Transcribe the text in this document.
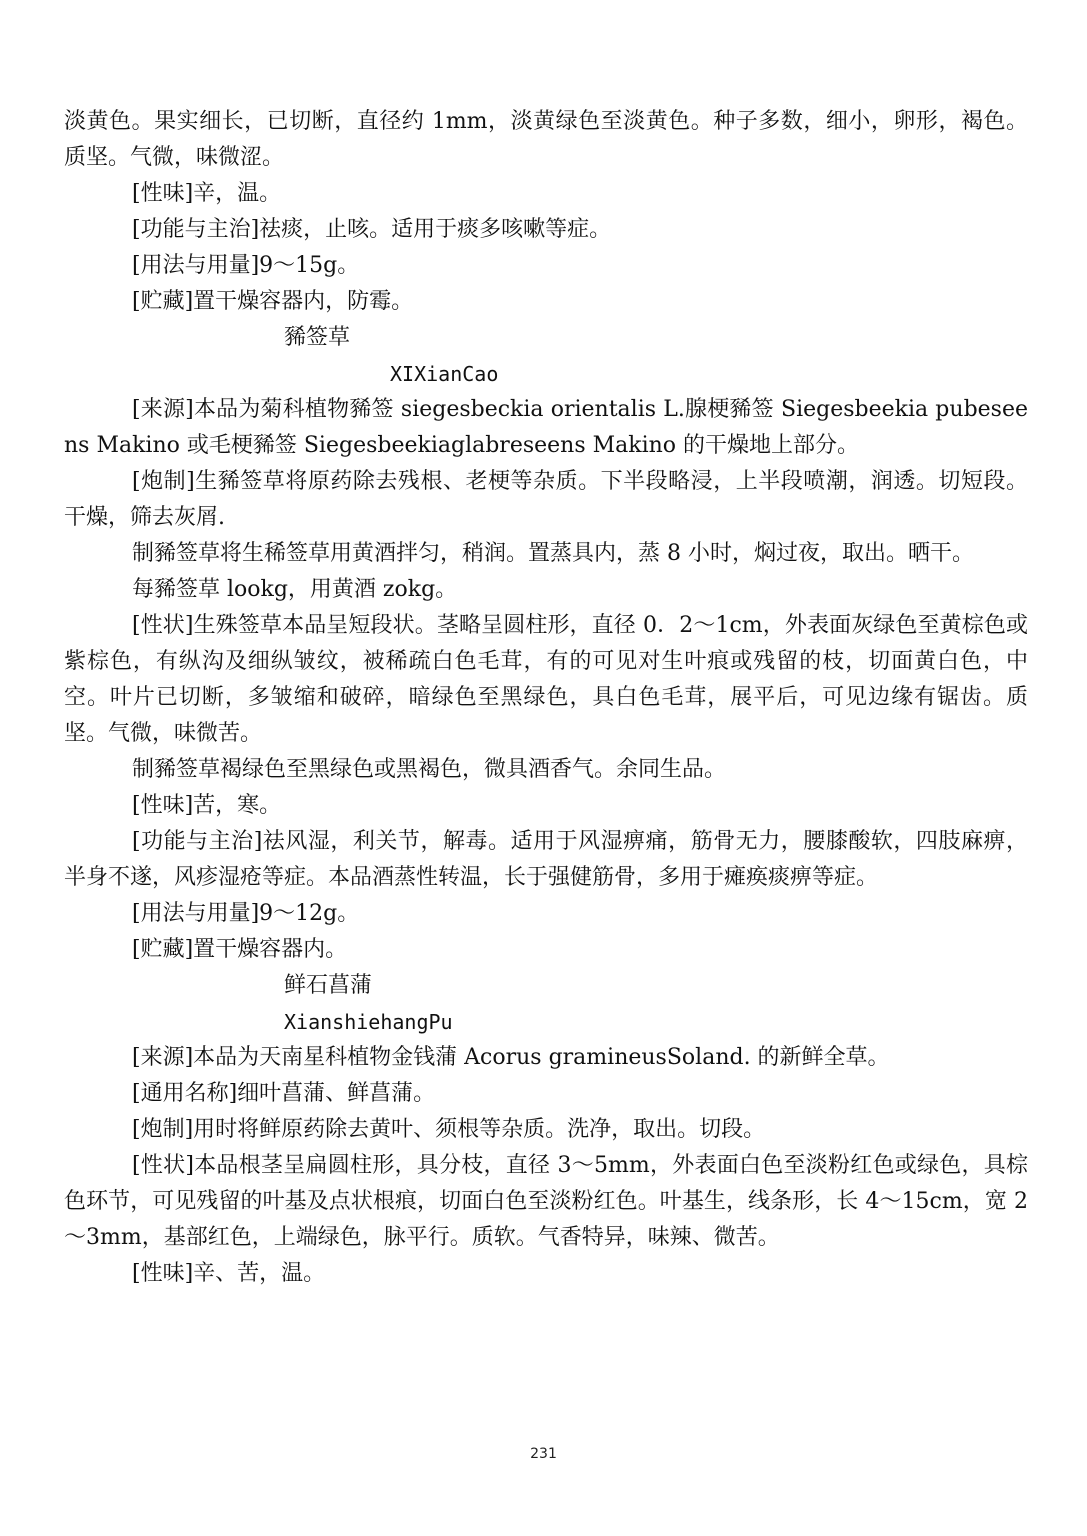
淡黄色。果实细长，已切断，直径约 1mm，淡黄绿色至淡黄色。种子多数，细小，卵形，褐色。质坚。气微，味微涩。

[性味]辛，温。

[功能与主治]祛痰，止咳。适用于痰多咳嗽等症。

[用法与用量]9～15g。

[贮藏]置干燥容器内，防霉。

豨签草

XIXianCao

[来源]本品为菊科植物豨签 siegesbeckia orientalis L.腺梗豨签 Siegesbeekia pubeseens Makino 或毛梗豨签 Siegesbeekiaglabreseens Makino 的干燥地上部分。

[炮制]生豨签草将原药除去残根、老梗等杂质。下半段略浸，上半段喷潮，润透。切短段。干燥，筛去灰屑.

制豨签草将生稀签草用黄酒拌匀，稍润。置蒸具内，蒸 8 小时，焖过夜，取出。晒干。

每豨签草 lookg，用黄酒 zokg。

[性状]生殊签草本品呈短段状。茎略呈圆柱形，直径 0．2～1cm，外表面灰绿色至黄棕色或紫棕色，有纵沟及细纵皱纹，被稀疏白色毛茸，有的可见对生叶痕或残留的枝，切面黄白色，中空。叶片已切断，多皱缩和破碎，暗绿色至黑绿色，具白色毛茸，展平后，可见边缘有锯齿。质坚。气微，味微苦。

制豨签草褐绿色至黑绿色或黑褐色，微具酒香气。余同生品。

[性味]苦，寒。

[功能与主治]祛风湿，利关节，解毒。适用于风湿痹痛，筋骨无力，腰膝酸软，四肢麻痹，半身不遂，风疹湿疮等症。本品酒蒸性转温，长于强健筋骨，多用于瘫痪痰痹等症。

[用法与用量]9～12g。

[贮藏]置干燥容器内。

鲜石菖蒲

XianshiehangPu

[来源]本品为天南星科植物金钱蒲 Acorus gramineusSoland. 的新鲜全草。

[通用名称]细叶菖蒲、鲜菖蒲。

[炮制]用时将鲜原药除去黄叶、须根等杂质。洗净，取出。切段。

[性状]本品根茎呈扁圆柱形，具分枝，直径 3～5mm，外表面白色至淡粉红色或绿色，具棕色环节，可见残留的叶基及点状根痕，切面白色至淡粉红色。叶基生，线条形，长 4～15cm，宽 2～3mm，基部红色，上端绿色，脉平行。质软。气香特异，味辣、微苦。

[性味]辛、苦，温。

231
